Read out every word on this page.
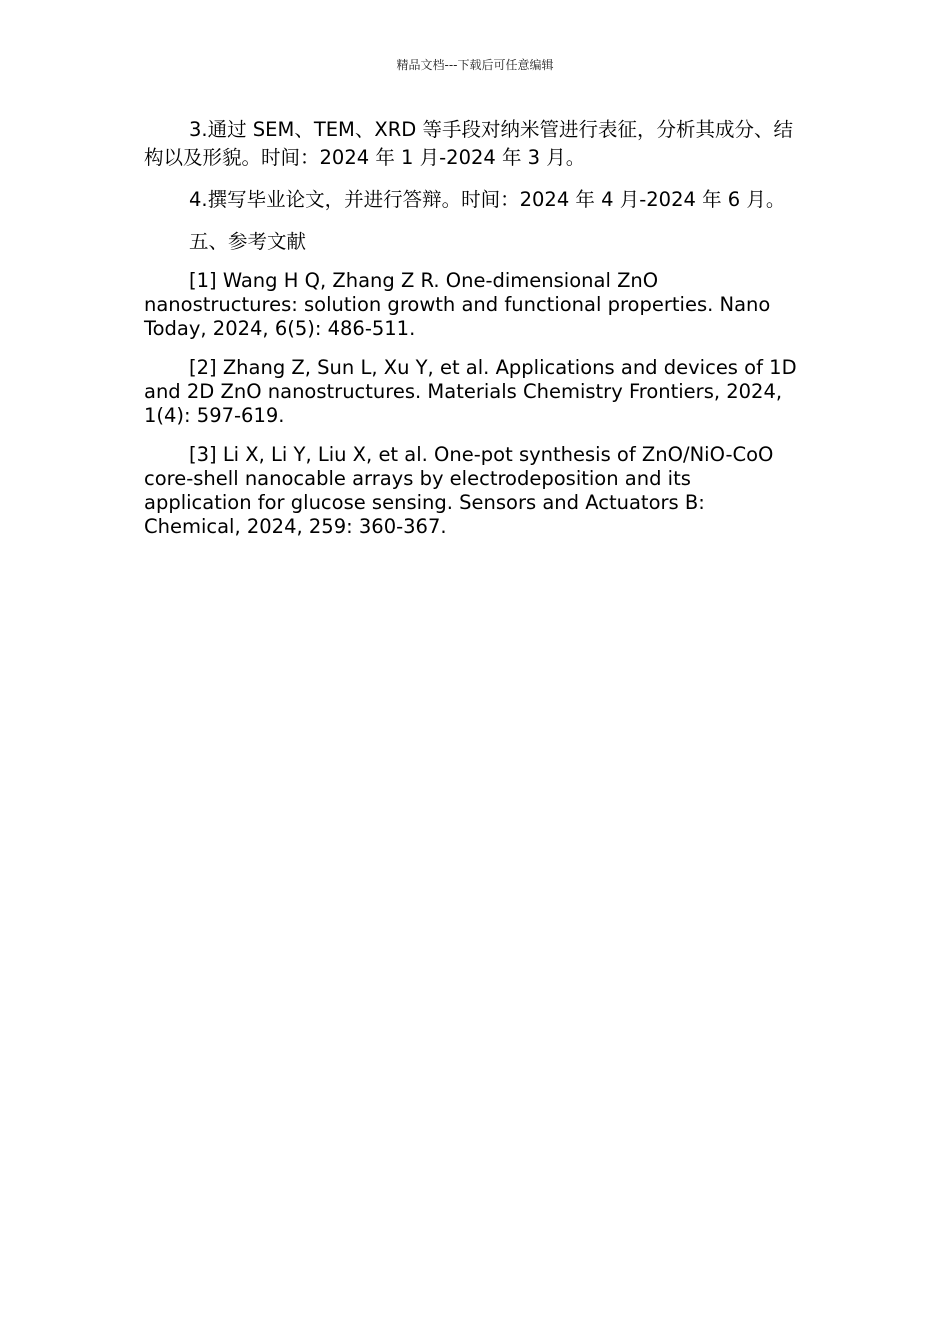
精品文档---下载后可任意编辑

3.通过 SEM、TEM、XRD 等手段对纳米管进行表征，分析其成分、结构以及形貌。时间：2024 年 1 月-2024 年 3 月。

4.撰写毕业论文，并进行答辩。时间：2024 年 4 月-2024 年 6 月。

五、参考文献

[1] Wang H Q, Zhang Z R. One-dimensional ZnO nanostructures: solution growth and functional properties. Nano Today, 2024, 6(5): 486-511.

[2] Zhang Z, Sun L, Xu Y, et al. Applications and devices of 1D and 2D ZnO nanostructures. Materials Chemistry Frontiers, 2024, 1(4): 597-619.

[3] Li X, Li Y, Liu X, et al. One-pot synthesis of ZnO/NiO-CoO core-shell nanocable arrays by electrodeposition and its application for glucose sensing. Sensors and Actuators B: Chemical, 2024, 259: 360-367.
